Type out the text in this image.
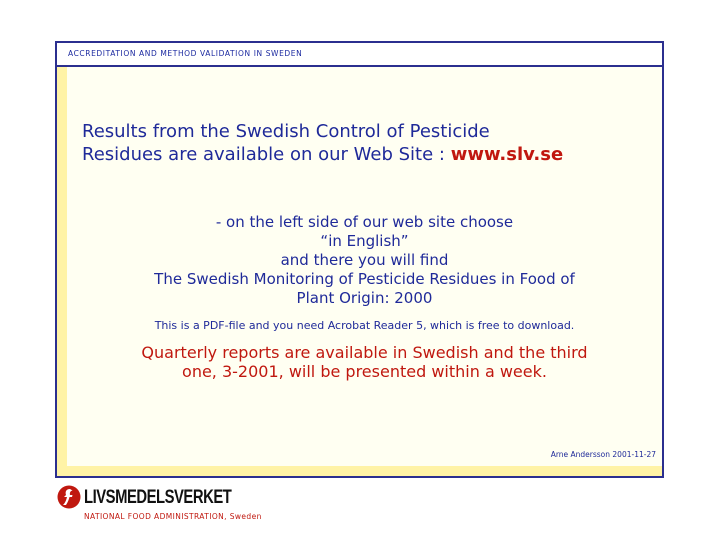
ACCREDITATION AND METHOD VALIDATION IN SWEDEN
Results from the Swedish Control of Pesticide
Residues are available on our Web Site : www.slv.se
- on the left side of our web site choose
“in English”
and there you will find
The Swedish Monitoring of Pesticide Residues in Food of
Plant Origin: 2000
This is a PDF-file and you need Acrobat Reader 5, which is free to download.
Quarterly reports are available in Swedish and the third
one, 3-2001, will be presented within a week.
Arne Andersson 2001-11-27
LIVSMEDELSVERKET
NATIONAL FOOD ADMINISTRATION, Sweden
